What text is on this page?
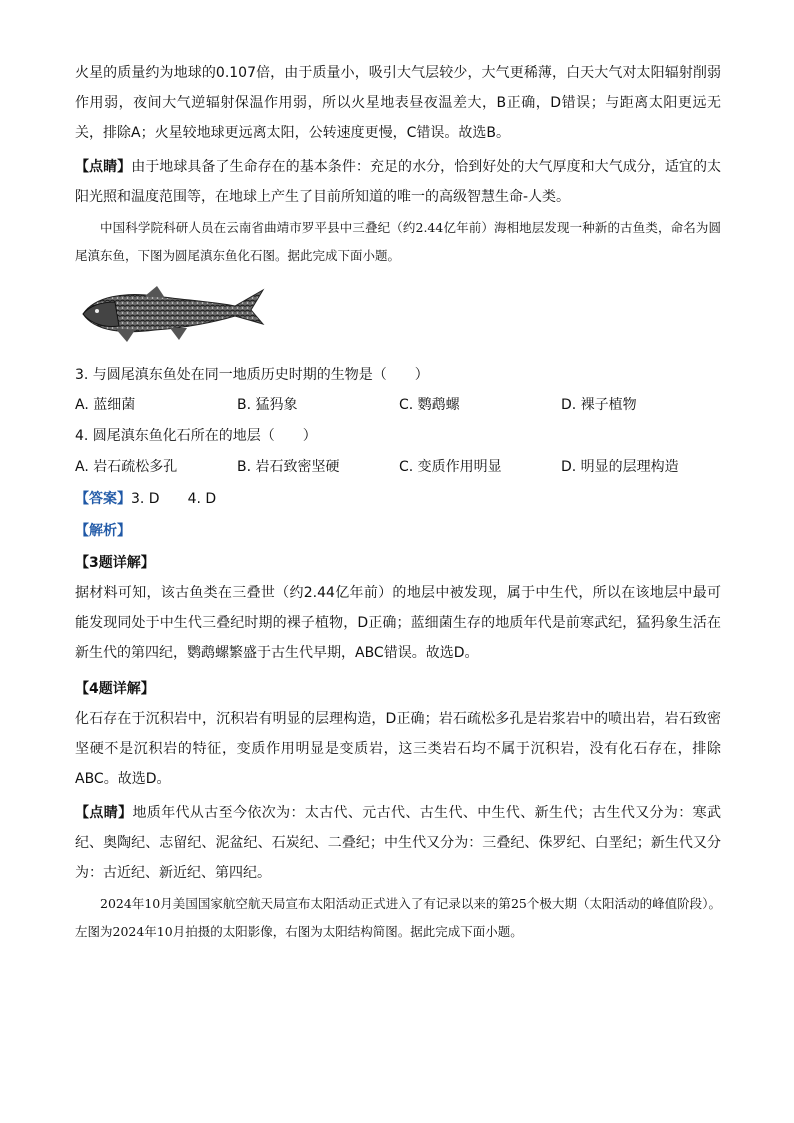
火星的质量约为地球的0.107倍，由于质量小，吸引大气层较少，大气更稀薄，白天大气对太阳辐射削弱作用弱，夜间大气逆辐射保温作用弱，所以火星地表昼夜温差大，B正确，D错误；与距离太阳更远无关，排除A；火星较地球更远离太阳，公转速度更慢，C错误。故选B。

【点睛】由于地球具备了生命存在的基本条件：充足的水分，恰到好处的大气厚度和大气成分，适宜的太阳光照和温度范围等，在地球上产生了目前所知道的唯一的高级智慧生命-人类。

中国科学院科研人员在云南省曲靖市罗平县中三叠纪（约2.44亿年前）海相地层发现一种新的古鱼类，命名为圆尾滇东鱼，下图为圆尾滇东鱼化石图。据此完成下面小题。

3. 与圆尾滇东鱼处在同一地质历史时期的生物是（　　）
A. 蓝细菌	B. 猛犸象	C. 鹦鹉螺	D. 裸子植物
4. 圆尾滇东鱼化石所在的地层（　　）
A. 岩石疏松多孔	B. 岩石致密坚硬	C. 变质作用明显	D. 明显的层理构造
【答案】3. D　　4. D
【解析】
【3题详解】

据材料可知，该古鱼类在三叠世（约2.44亿年前）的地层中被发现，属于中生代，所以在该地层中最可能发现同处于中生代三叠纪时期的裸子植物，D正确；蓝细菌生存的地质年代是前寒武纪，猛犸象生活在新生代的第四纪，鹦鹉螺繁盛于古生代早期，ABC错误。故选D。

【4题详解】

化石存在于沉积岩中，沉积岩有明显的层理构造，D正确；岩石疏松多孔是岩浆岩中的喷出岩，岩石致密坚硬不是沉积岩的特征，变质作用明显是变质岩，这三类岩石均不属于沉积岩，没有化石存在，排除ABC。故选D。

【点睛】地质年代从古至今依次为：太古代、元古代、古生代、中生代、新生代；古生代又分为：寒武纪、奥陶纪、志留纪、泥盆纪、石炭纪、二叠纪；中生代又分为：三叠纪、侏罗纪、白垩纪；新生代又分为：古近纪、新近纪、第四纪。

2024年10月美国国家航空航天局宣布太阳活动正式进入了有记录以来的第25个极大期（太阳活动的峰值阶段）。左图为2024年10月拍摄的太阳影像，右图为太阳结构简图。据此完成下面小题。
